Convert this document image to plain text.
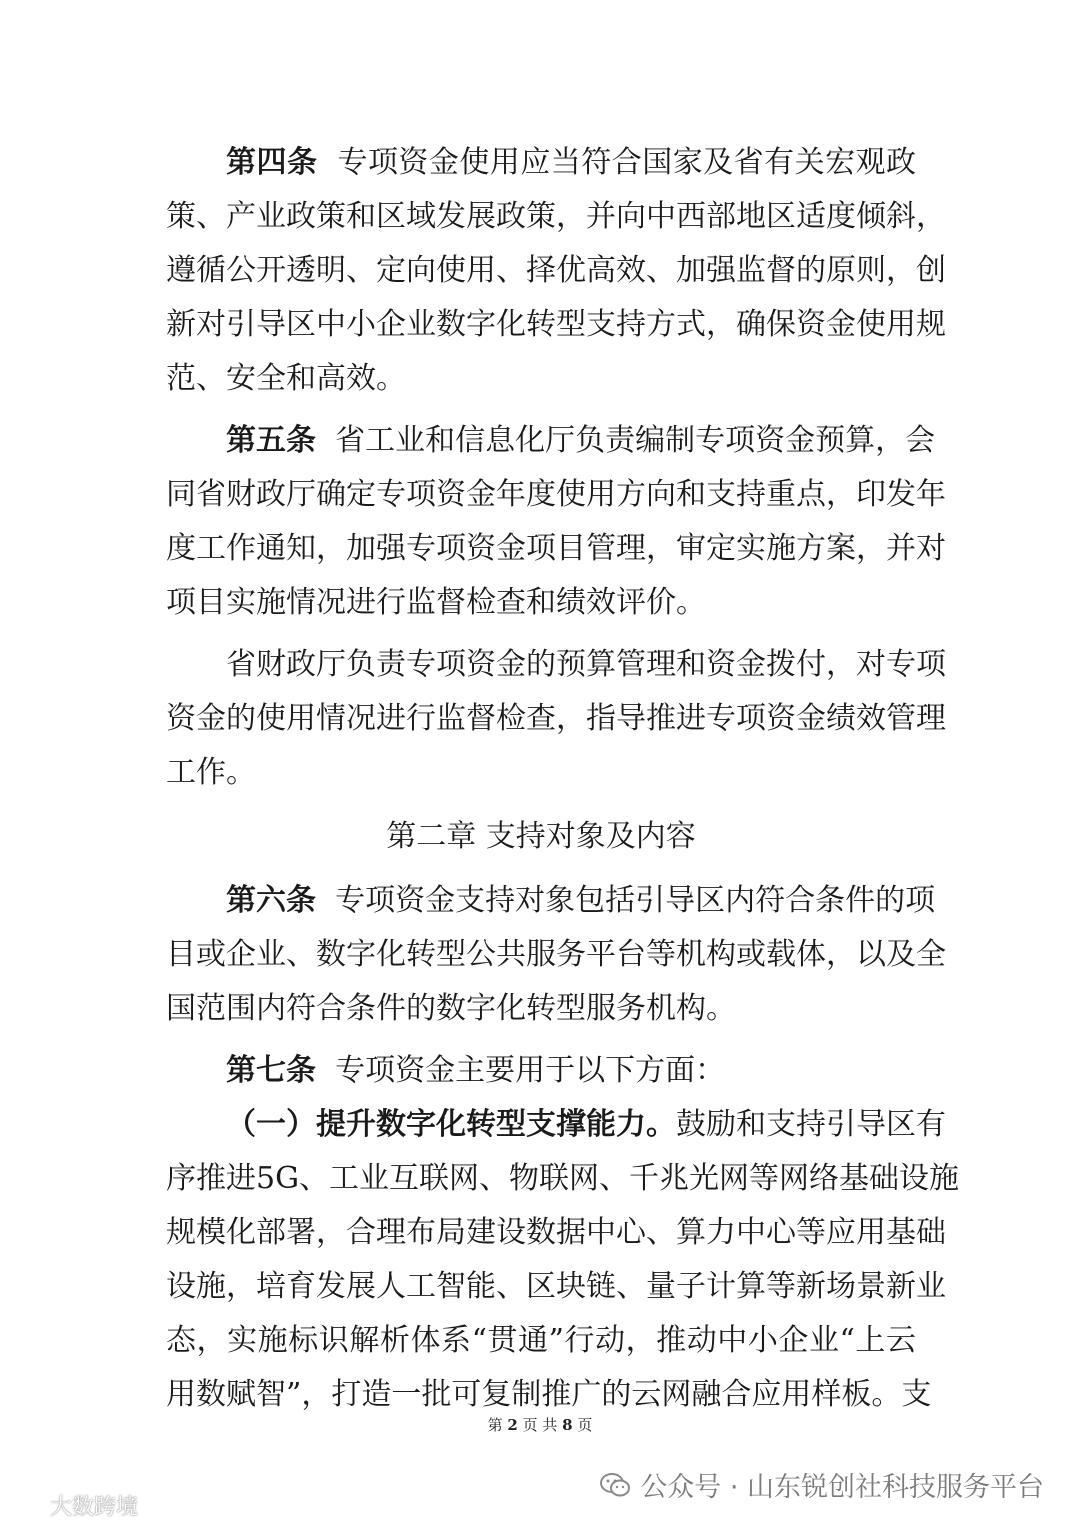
第四条 专项资金使用应当符合国家及省有关宏观政
策、产业政策和区域发展政策，并向中西部地区适度倾斜，
遵循公开透明、定向使用、择优高效、加强监督的原则，创
新对引导区中小企业数字化转型支持方式，确保资金使用规
范、安全和高效。
第五条 省工业和信息化厅负责编制专项资金预算，会
同省财政厅确定专项资金年度使用方向和支持重点，印发年
度工作通知，加强专项资金项目管理，审定实施方案，并对
项目实施情况进行监督检查和绩效评价。
省财政厅负责专项资金的预算管理和资金拨付，对专项
资金的使用情况进行监督检查，指导推进专项资金绩效管理
工作。
第二章 支持对象及内容
第六条 专项资金支持对象包括引导区内符合条件的项
目或企业、数字化转型公共服务平台等机构或载体，以及全
国范围内符合条件的数字化转型服务机构。
第七条 专项资金主要用于以下方面：
（一）提升数字化转型支撑能力。鼓励和支持引导区有
序推进5G、工业互联网、物联网、千兆光网等网络基础设施
规模化部署，合理布局建设数据中心、算力中心等应用基础
设施，培育发展人工智能、区块链、量子计算等新场景新业
态，实施标识解析体系“贯通”行动，推动中小企业“上云
用数赋智”，打造一批可复制推广的云网融合应用样板。支
第 2 页 共 8 页
公众号 · 山东锐创社科技服务平台
大数跨境
